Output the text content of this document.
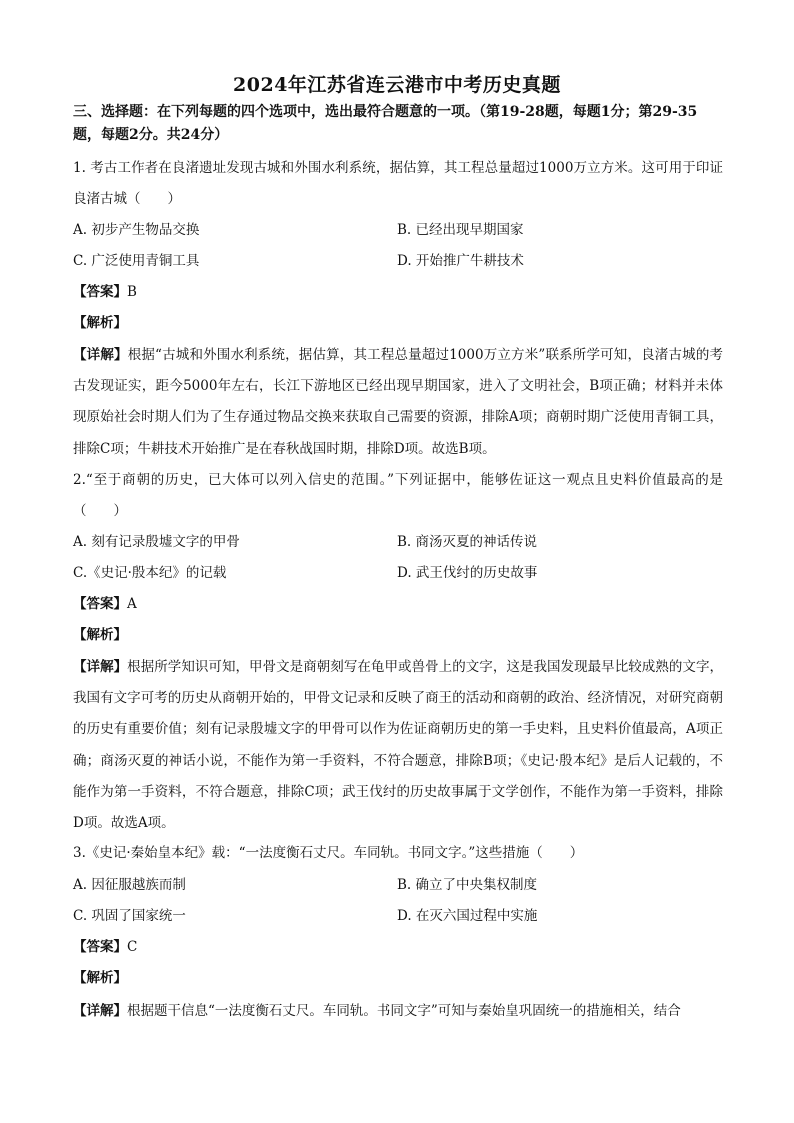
2024年江苏省连云港市中考历史真题
三、选择题：在下列每题的四个选项中，选出最符合题意的一项。（第19-28题，每题1分；第29-35题，每题2分。共24分）
1. 考古工作者在良渚遗址发现古城和外围水利系统，据估算，其工程总量超过1000万立方米。这可用于印证良渚古城（　　）
A. 初步产生物品交换	B. 已经出现早期国家
C. 广泛使用青铜工具	D. 开始推广牛耕技术
【答案】B
【解析】
【详解】根据“古城和外围水利系统，据估算，其工程总量超过1000万立方米”联系所学可知，良渚古城的考古发现证实，距今5000年左右，长江下游地区已经出现早期国家，进入了文明社会，B项正确；材料并未体现原始社会时期人们为了生存通过物品交换来获取自己需要的资源，排除A项；商朝时期广泛使用青铜工具，排除C项；牛耕技术开始推广是在春秋战国时期，排除D项。故选B项。
2.“至于商朝的历史，已大体可以列入信史的范围。”下列证据中，能够佐证这一观点且史料价值最高的是（　　）
A. 刻有记录殷墟文字的甲骨	B. 商汤灭夏的神话传说
C.《史记·殷本纪》的记载	D. 武王伐纣的历史故事
【答案】A
【解析】
【详解】根据所学知识可知，甲骨文是商朝刻写在龟甲或兽骨上的文字，这是我国发现最早比较成熟的文字，我国有文字可考的历史从商朝开始的，甲骨文记录和反映了商王的活动和商朝的政治、经济情况，对研究商朝的历史有重要价值；刻有记录殷墟文字的甲骨可以作为佐证商朝历史的第一手史料，且史料价值最高，A项正确；商汤灭夏的神话小说，不能作为第一手资料，不符合题意，排除B项；《史记·殷本纪》是后人记载的，不能作为第一手资料，不符合题意，排除C项；武王伐纣的历史故事属于文学创作，不能作为第一手资料，排除D项。故选A项。
3.《史记·秦始皇本纪》载：“一法度衡石丈尺。车同轨。书同文字。”这些措施（　　）
A. 因征服越族而制	B. 确立了中央集权制度
C. 巩固了国家统一	D. 在灭六国过程中实施
【答案】C
【解析】
【详解】根据题干信息“一法度衡石丈尺。车同轨。书同文字”可知与秦始皇巩固统一的措施相关，结合
